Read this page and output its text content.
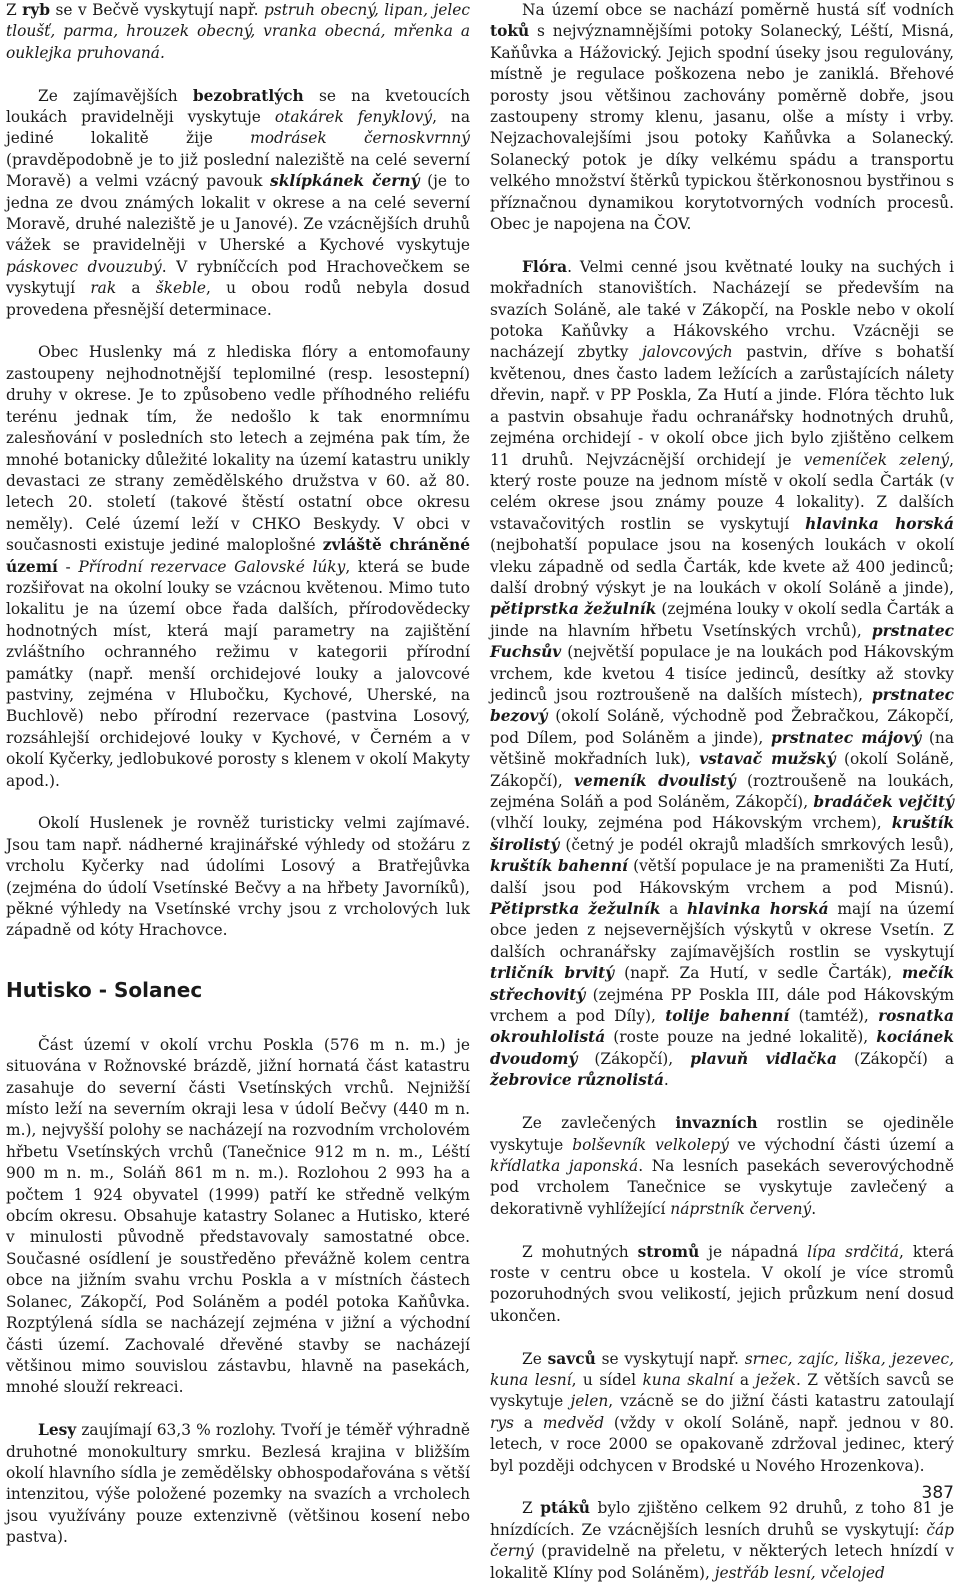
Z ryb se v Bečvě vyskytují např. pstruh obecný, lipan, jelec tloušť, parma, hrouzek obecný, vranka obecná, mřenka a ouklejka pruhovaná.

Ze zajímavějších bezobratlých se na kvetoucích loukách pravidelněji vyskytuje otakárek fenyklový, na jediné lokalitě žije modrásek černoskvrnný (pravděpodobně je to již poslední naleziště na celé severní Moravě) a velmi vzácný pavouk sklípkánek černý (je to jedna ze dvou známých lokalit v okrese a na celé severní Moravě, druhé naleziště je u Janové). Ze vzácnějších druhů vážek se pravidelněji v Uherské a Kychové vyskytuje páskovec dvouzubý. V rybníčcích pod Hrachovečkem se vyskytují rak a škeble, u obou rodů nebyla dosud provedena přesnější determinace.

Obec Huslenky má z hlediska flóry a entomofauny zastoupeny nejhodnotnější teplomilné (resp. lesostepní) druhy v okrese. Je to způsobeno vedle příhodného reliéfu terénu jednak tím, že nedošlo k tak enormnímu zalesňování v posledních sto letech a zejména pak tím, že mnohé botanicky důležité lokality na území katastru unikly devastaci ze strany zemědělského družstva v 60. až 80. letech 20. století (takové štěstí ostatní obce okresu neměly). Celé území leží v CHKO Beskydy. V obci v současnosti existuje jediné maloplošné zvláště chráněné území - Přírodní rezervace Galovské lúky, která se bude rozšiřovat na okolní louky se vzácnou květenou. Mimo tuto lokalitu je na území obce řada dalších, přírodovědecky hodnotných míst, která mají parametry na zajištění zvláštního ochranného režimu v kategorii přírodní památky (např. menší orchidejové louky a jalovcové pastviny, zejména v Hlubočku, Kychové, Uherské, na Buchlově) nebo přírodní rezervace (pastvina Losový, rozsáhlejší orchidejové louky v Kychové, v Černém a v okolí Kyčerky, jedlobukové porosty s klenem v okolí Makyty apod.).

Okolí Huslenek je rovněž turisticky velmi zajímavé. Jsou tam např. nádherné krajinářské výhledy od stožáru z vrcholu Kyčerky nad údolími Losový a Bratřejůvka (zejména do údolí Vsetínské Bečvy a na hřbety Javorníků), pěkné výhledy na Vsetínské vrchy jsou z vrcholových luk západně od kóty Hrachovce.

Hutisko - Solanec

Část území v okolí vrchu Poskla (576 m n. m.) je situována v Rožnovské brázdě, jižní hornatá část katastru zasahuje do severní části Vsetínských vrchů. Nejnižší místo leží na severním okraji lesa v údolí Bečvy (440 m n. m.), nejvyšší polohy se nacházejí na rozvodním vrcholovém hřbetu Vsetínských vrchů (Tanečnice 912 m n. m., Léští 900 m n. m., Soláň 861 m n. m.). Rozlohou 2 993 ha a počtem 1 924 obyvatel (1999) patří ke středně velkým obcím okresu. Obsahuje katastry Solanec a Hutisko, které v minulosti původně představovaly samostatné obce. Současné osídlení je soustředěno převážně kolem centra obce na jižním svahu vrchu Poskla a v místních částech Solanec, Zákopčí, Pod Soláněm a podél potoka Kaňůvka. Rozptýlená sídla se nacházejí zejména v jižní a východní části území. Zachovalé dřevěné stavby se nacházejí většinou mimo souvislou zástavbu, hlavně na pasekách, mnohé slouží rekreaci.

Lesy zaujímají 63,3 % rozlohy. Tvoří je téměř výhradně druhotné monokultury smrku. Bezlesá krajina v bližším okolí hlavního sídla je zemědělsky obhospodařována s větší intenzitou, výše položené pozemky na svazích a vrcholech jsou využívány pouze extenzivně (většinou kosení nebo pastva).

Na území obce se nachází poměrně hustá síť vodních toků s nejvýznamnějšími potoky Solanecký, Léští, Misná, Kaňůvka a Hážovický. Jejich spodní úseky jsou regulovány, místně je regulace poškozena nebo je zaniklá. Břehové porosty jsou většinou zachovány poměrně dobře, jsou zastoupeny stromy klenu, jasanu, olše a místy i vrby. Nejzachovalejšími jsou potoky Kaňůvka a Solanecký. Solanecký potok je díky velkému spádu a transportu velkého množství štěrků typickou štěrkonosnou bystřinou s příznačnou dynamikou korytotvorných vodních procesů. Obec je napojena na ČOV.

Flóra. Velmi cenné jsou květnaté louky na suchých i mokřadních stanovištích. Nacházejí se především na svazích Soláně, ale také v Zákopčí, na Poskle nebo v okolí potoka Kaňůvky a Hákovského vrchu. Vzácněji se nacházejí zbytky jalovcových pastvin, dříve s bohatší květenou, dnes často ladem ležících a zarůstajících nálety dřevin, např. v PP Poskla, Za Hutí a jinde. Flóra těchto luk a pastvin obsahuje řadu ochranářsky hodnotných druhů, zejména orchidejí - v okolí obce jich bylo zjištěno celkem 11 druhů. Nejvzácnější orchidejí je vemeníček zelený, který roste pouze na jednom místě v okolí sedla Čarták (v celém okrese jsou známy pouze 4 lokality). Z dalších vstavačovitých rostlin se vyskytují hlavinka horská (nejbohatší populace jsou na kosených loukách v okolí vleku západně od sedla Čarták, kde kvete až 400 jedinců; další drobný výskyt je na loukách v okolí Soláně a jinde), pětiprstka žežulník (zejména louky v okolí sedla Čarták a jinde na hlavním hřbetu Vsetínských vrchů), prstnatec Fuchsův (největší populace je na loukách pod Hákovským vrchem, kde kvetou 4 tisíce jedinců, desítky až stovky jedinců jsou roztroušeně na dalších místech), prstnatec bezový (okolí Soláně, východně pod Žebračkou, Zákopčí, pod Dílem, pod Soláněm a jinde), prstnatec májový (na většině mokřadních luk), vstavač mužský (okolí Soláně, Zákopčí), vemeník dvoulistý (roztroušeně na loukách, zejména Soláň a pod Soláněm, Zákopčí), bradáček vejčitý (vlhčí louky, zejména pod Hákovským vrchem), kruštík širolistý (četný je podél okrajů mladších smrkových lesů), kruštík bahenní (větší populace je na prameništi Za Hutí, další jsou pod Hákovským vrchem a pod Misnú). Pětiprstka žežulník a hlavinka horská mají na území obce jeden z nejsevernějších výskytů v okrese Vsetín. Z dalších ochranářsky zajímavějších rostlin se vyskytují trličník brvitý (např. Za Hutí, v sedle Čarták), mečík střechovitý (zejména PP Poskla III, dále pod Hákovským vrchem a pod Díly), tolije bahenní (tamtéž), rosnatka okrouhlolistá (roste pouze na jedné lokalitě), kociánek dvoudomý (Zákopčí), plavuň vidlačka (Zákopčí) a žebrovice různolistá.

Ze zavlečených invazních rostlin se ojediněle vyskytuje bolševník velkolepý ve východní části území a křídlatka japonská. Na lesních pasekách severovýchodně pod vrcholem Tanečnice se vyskytuje zavlečený a dekorativně vyhlížející náprstník červený.

Z mohutných stromů je nápadná lípa srdčitá, která roste v centru obce u kostela. V okolí je více stromů pozoruhodných svou velikostí, jejich průzkum není dosud ukončen.

Ze savců se vyskytují např. srnec, zajíc, liška, jezevec, kuna lesní, u sídel kuna skalní a ježek. Z větších savců se vyskytuje jelen, vzácně se do jižní části katastru zatoulají rys a medvěd (vždy v okolí Soláně, např. jednou v 80. letech, v roce 2000 se opakovaně zdržoval jedinec, který byl později odchycen v Brodské u Nového Hrozenkova).

Z ptáků bylo zjištěno celkem 92 druhů, z toho 81 je hnízdících. Ze vzácnějších lesních druhů se vyskytují: čáp černý (pravidelně na přeletu, v některých letech hnízdí v lokalitě Klíny pod Soláněm), jestřáb lesní, včelojed

387
